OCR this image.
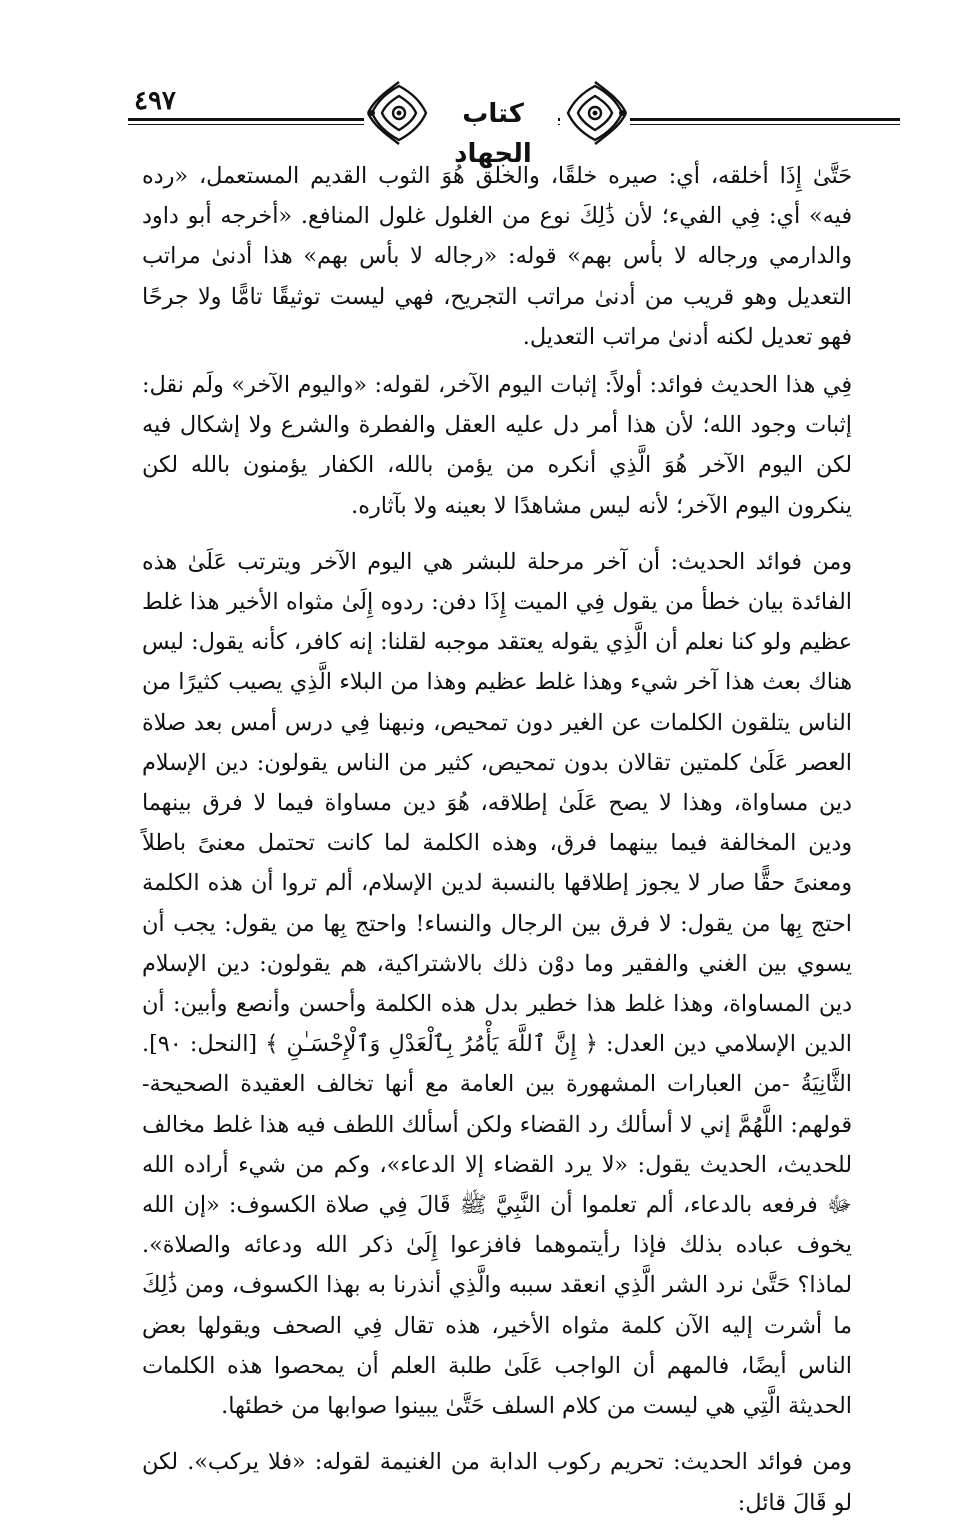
٤٩٧	كتاب الجهاد

حَتَّىٰ إِذَا أخلقه، أي: صيره خلقًا، والخلق هُوَ الثوب القديم المستعمل، «رده فيه» أي: فِي الفيء؛ لأن ذَٰلِكَ نوع من الغلول غلول المنافع. «أخرجه أبو داود والدارمي ورجاله لا بأس بهم» قوله: «رجاله لا بأس بهم» هذا أدنىٰ مراتب التعديل وهو قريب من أدنىٰ مراتب التجريح، فهي ليست توثيقًا تامًّا ولا جرحًا فهو تعديل لكنه أدنىٰ مراتب التعديل.

فِي هذا الحديث فوائد: أولاً: إثبات اليوم الآخر، لقوله: «واليوم الآخر» ولَم نقل: إثبات وجود الله؛ لأن هذا أمر دل عليه العقل والفطرة والشرع ولا إشكال فيه لكن اليوم الآخر هُوَ الَّذِي أنكره من يؤمن بالله، الكفار يؤمنون بالله لكن ينكرون اليوم الآخر؛ لأنه ليس مشاهدًا لا بعينه ولا بآثاره.

ومن فوائد الحديث: أن آخر مرحلة للبشر هي اليوم الآخر ويترتب عَلَىٰ هذه الفائدة بيان خطأ من يقول فِي الميت إِذَا دفن: ردوه إِلَىٰ مثواه الأخير هذا غلط عظيم ولو كنا نعلم أن الَّذِي يقوله يعتقد موجبه لقلنا: إنه كافر، كأنه يقول: ليس هناك بعث هذا آخر شيء وهذا غلط عظيم وهذا من البلاء الَّذِي يصيب كثيرًا من الناس يتلقون الكلمات عن الغير دون تمحيص، ونبهنا فِي درس أمس بعد صلاة العصر عَلَىٰ كلمتين تقالان بدون تمحيص، كثير من الناس يقولون: دين الإسلام دين مساواة، وهذا لا يصح عَلَىٰ إطلاقه، هُوَ دين مساواة فيما لا فرق بينهما ودين المخالفة فيما بينهما فرق، وهذه الكلمة لما كانت تحتمل معنىً باطلاً ومعنىً حقًّا صار لا يجوز إطلاقها بالنسبة لدين الإسلام، ألم تروا أن هذه الكلمة احتج بِها من يقول: لا فرق بين الرجال والنساء! واحتج بِها من يقول: يجب أن يسوي بين الغني والفقير وما دوْن ذلك بالاشتراكية، هم يقولون: دين الإسلام دين المساواة، وهذا غلط هذا خطير بدل هذه الكلمة وأحسن وأنصع وأبين: أن الدين الإسلامي دين العدل: ﴿ إِنَّ ٱللَّهَ يَأْمُرُ بِٱلْعَدْلِ وَٱلْإِحْسَـٰنِ ﴾ [النحل: ٩٠]. الثَّانِيَةُ -من العبارات المشهورة بين العامة مع أنها تخالف العقيدة الصحيحة- قولهم: اللَّهُمَّ إني لا أسألك رد القضاء ولكن أسألك اللطف فيه هذا غلط مخالف للحديث، الحديث يقول: «لا يرد القضاء إلا الدعاء»، وكم من شيء أراده الله ﷻ فرفعه بالدعاء، ألم تعلموا أن النَّبِيَّ ﷺ قَالَ فِي صلاة الكسوف: «إن الله يخوف عباده بذلك فإذا رأيتموهما فافزعوا إِلَىٰ ذكر الله ودعائه والصلاة». لماذا؟ حَتَّىٰ نرد الشر الَّذِي انعقد سببه والَّذِي أنذرنا به بهذا الكسوف، ومن ذَٰلِكَ ما أشرت إليه الآن كلمة مثواه الأخير، هذه تقال فِي الصحف ويقولها بعض الناس أيضًا، فالمهم أن الواجب عَلَىٰ طلبة العلم أن يمحصوا هذه الكلمات الحديثة الَّتِي هي ليست من كلام السلف حَتَّىٰ يبينوا صوابها من خطئها.

ومن فوائد الحديث: تحريم ركوب الدابة من الغنيمة لقوله: «فلا يركب». لكن لو قَالَ قائل:
